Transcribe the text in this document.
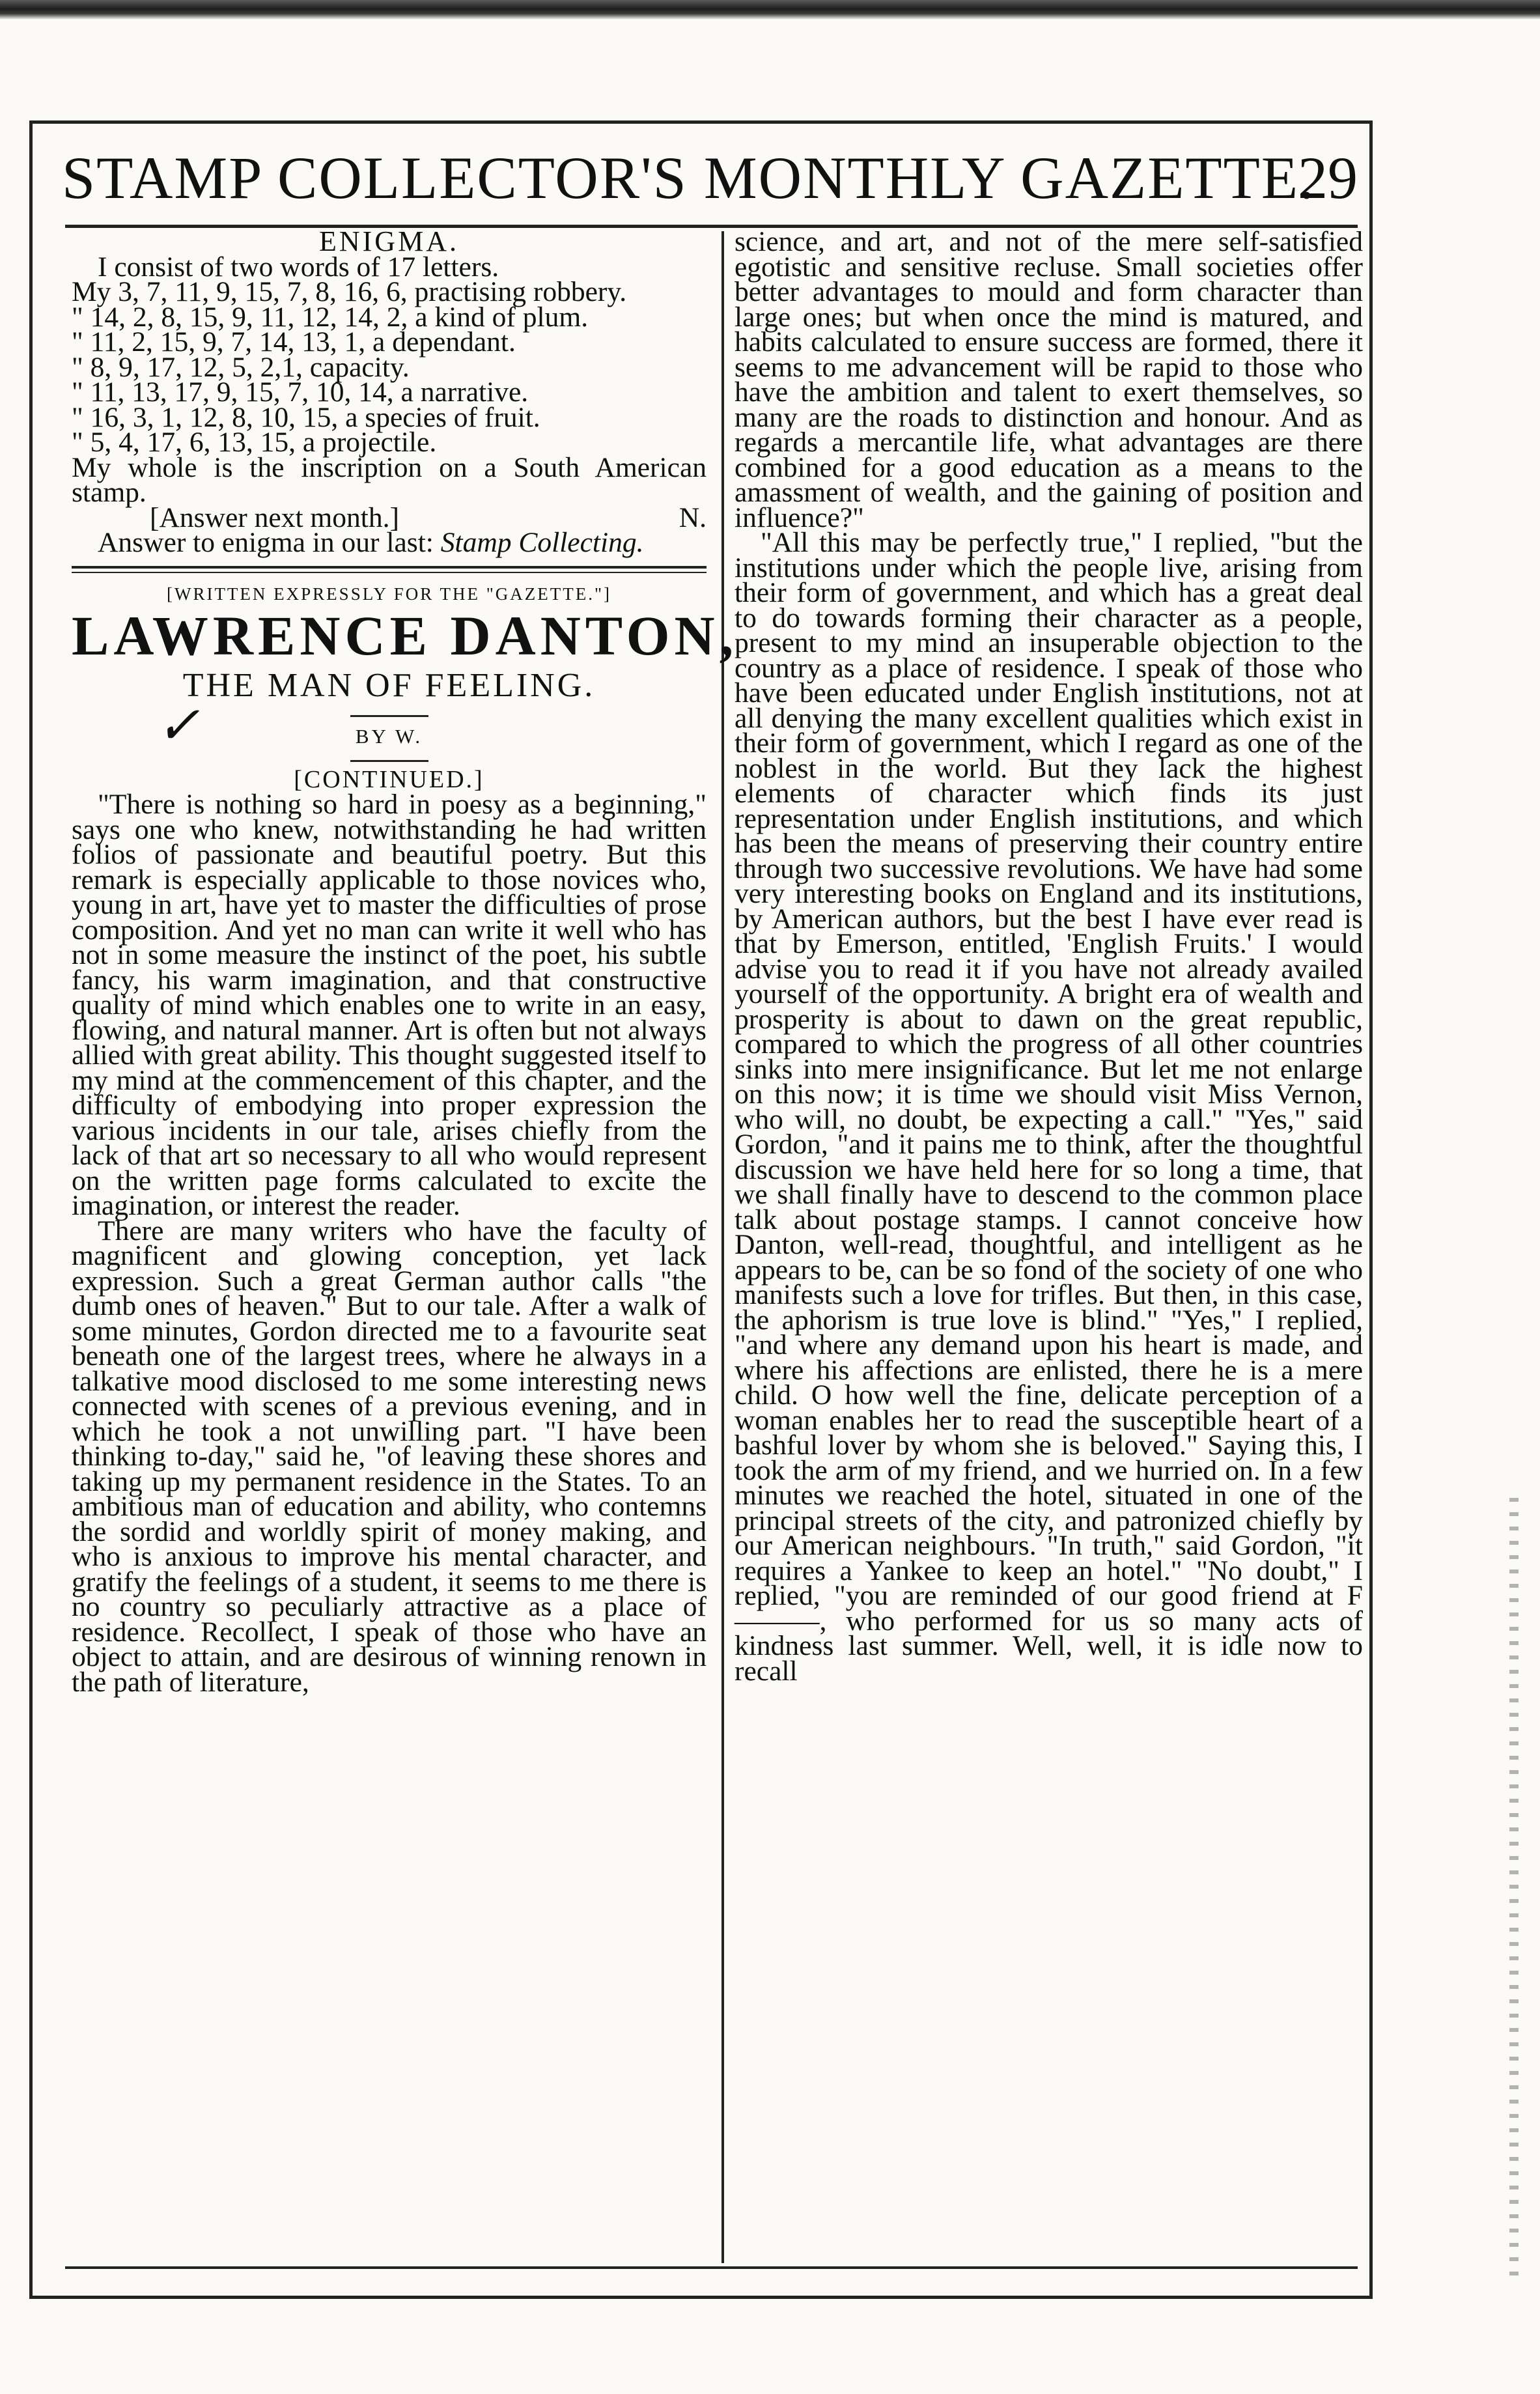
STAMP COLLECTOR'S MONTHLY GAZETTE.
29

ENIGMA.

I consist of two words of 17 letters.

My 3, 7, 11, 9, 15, 7, 8, 16, 6, practising robbery.

" 14, 2, 8, 15, 9, 11, 12, 14, 2, a kind of plum.

" 11, 2, 15, 9, 7, 14, 13, 1, a dependant.

" 8, 9, 17, 12, 5, 2,1, capacity.

" 11, 13, 17, 9, 15, 7, 10, 14, a narrative.

" 16, 3, 1, 12, 8, 10, 15, a species of fruit.

" 5, 4, 17, 6, 13, 15, a projectile.

My whole is the inscription on a South American stamp.

[Answer next month.]	N.

Answer to enigma in our last: Stamp Collecting.

[WRITTEN EXPRESSLY FOR THE "GAZETTE."]

LAWRENCE DANTON,

THE MAN OF FEELING.

✓	BY W.

[CONTINUED.]

"There is nothing so hard in poesy as a beginning," says one who knew, notwithstanding he had written folios of passionate and beautiful poetry. But this remark is especially applicable to those novices who, young in art, have yet to master the difficulties of prose composition. And yet no man can write it well who has not in some measure the instinct of the poet, his subtle fancy, his warm imagination, and that constructive quality of mind which enables one to write in an easy, flowing, and natural manner. Art is often but not always allied with great ability. This thought suggested itself to my mind at the commencement of this chapter, and the difficulty of embodying into proper expression the various incidents in our tale, arises chiefly from the lack of that art so necessary to all who would represent on the written page forms calculated to excite the imagination, or interest the reader.

There are many writers who have the faculty of magnificent and glowing conception, yet lack expression. Such a great German author calls "the dumb ones of heaven." But to our tale. After a walk of some minutes, Gordon directed me to a favourite seat beneath one of the largest trees, where he always in a talkative mood disclosed to me some interesting news connected with scenes of a previous evening, and in which he took a not unwilling part. "I have been thinking to-day," said he, "of leaving these shores and taking up my permanent residence in the States. To an ambitious man of education and ability, who contemns the sordid and worldly spirit of money making, and who is anxious to improve his mental character, and gratify the feelings of a student, it seems to me there is no country so peculiarly attractive as a place of residence. Recollect, I speak of those who have an object to attain, and are desirous of winning renown in the path of literature,

science, and art, and not of the mere self-satisfied egotistic and sensitive recluse. Small societies offer better advantages to mould and form character than large ones; but when once the mind is matured, and habits calculated to ensure success are formed, there it seems to me advancement will be rapid to those who have the ambition and talent to exert themselves, so many are the roads to distinction and honour. And as regards a mercantile life, what advantages are there combined for a good education as a means to the amassment of wealth, and the gaining of position and influence?"

"All this may be perfectly true," I replied, "but the institutions under which the people live, arising from their form of government, and which has a great deal to do towards forming their character as a people, present to my mind an insuperable objection to the country as a place of residence. I speak of those who have been educated under English institutions, not at all denying the many excellent qualities which exist in their form of government, which I regard as one of the noblest in the world. But they lack the highest elements of character which finds its just representation under English institutions, and which has been the means of preserving their country entire through two successive revolutions. We have had some very interesting books on England and its institutions, by American authors, but the best I have ever read is that by Emerson, entitled, 'English Fruits.' I would advise you to read it if you have not already availed yourself of the opportunity. A bright era of wealth and prosperity is about to dawn on the great republic, compared to which the progress of all other countries sinks into mere insignificance. But let me not enlarge on this now; it is time we should visit Miss Vernon, who will, no doubt, be expecting a call." "Yes," said Gordon, "and it pains me to think, after the thoughtful discussion we have held here for so long a time, that we shall finally have to descend to the common place talk about postage stamps. I cannot conceive how Danton, well-read, thoughtful, and intelligent as he appears to be, can be so fond of the society of one who manifests such a love for trifles. But then, in this case, the aphorism is true love is blind." "Yes," I replied, "and where any demand upon his heart is made, and where his affections are enlisted, there he is a mere child. O how well the fine, delicate perception of a woman enables her to read the susceptible heart of a bashful lover by whom she is beloved." Saying this, I took the arm of my friend, and we hurried on. In a few minutes we reached the hotel, situated in one of the principal streets of the city, and patronized chiefly by our American neighbours. "In truth," said Gordon, "it requires a Yankee to keep an hotel." "No doubt," I replied, "you are reminded of our good friend at F———, who performed for us so many acts of kindness last summer. Well, well, it is idle now to recall
